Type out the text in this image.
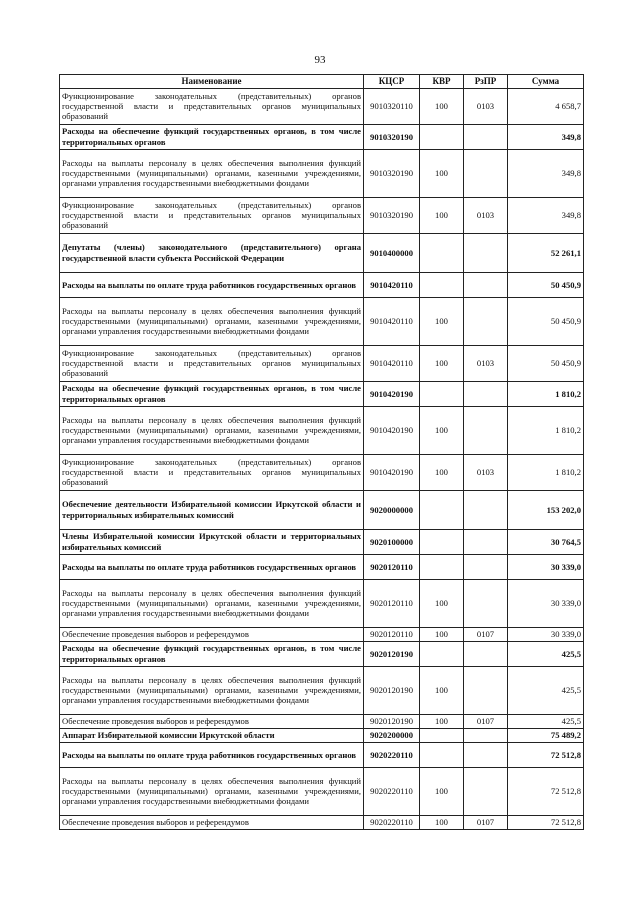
93
Наименование	КЦСР	КВР	РзПР	Сумма
Функционирование законодательных (представительных) органов государственной власти и представительных органов муниципальных образований	9010320110	100	0103	4 658,7
Расходы на обеспечение функций государственных органов, в том числе территориальных органов	9010320190			349,8
Расходы на выплаты персоналу в целях обеспечения выполнения функций государственными (муниципальными) органами, казенными учреждениями, органами управления государственными внебюджетными фондами	9010320190	100		349,8
Функционирование законодательных (представительных) органов государственной власти и представительных органов муниципальных образований	9010320190	100	0103	349,8
Депутаты (члены) законодательного (представительного) органа государственной власти субъекта Российской Федерации	9010400000			52 261,1
Расходы на выплаты по оплате труда работников государственных органов	9010420110			50 450,9
Расходы на выплаты персоналу в целях обеспечения выполнения функций государственными (муниципальными) органами, казенными учреждениями, органами управления государственными внебюджетными фондами	9010420110	100		50 450,9
Функционирование законодательных (представительных) органов государственной власти и представительных органов муниципальных образований	9010420110	100	0103	50 450,9
Расходы на обеспечение функций государственных органов, в том числе территориальных органов	9010420190			1 810,2
Расходы на выплаты персоналу в целях обеспечения выполнения функций государственными (муниципальными) органами, казенными учреждениями, органами управления государственными внебюджетными фондами	9010420190	100		1 810,2
Функционирование законодательных (представительных) органов государственной власти и представительных органов муниципальных образований	9010420190	100	0103	1 810,2
Обеспечение деятельности Избирательной комиссии Иркутской области и территориальных избирательных комиссий	9020000000			153 202,0
Члены Избирательной комиссии Иркутской области и территориальных избирательных комиссий	9020100000			30 764,5
Расходы на выплаты по оплате труда работников государственных органов	9020120110			30 339,0
Расходы на выплаты персоналу в целях обеспечения выполнения функций государственными (муниципальными) органами, казенными учреждениями, органами управления государственными внебюджетными фондами	9020120110	100		30 339,0
Обеспечение проведения выборов и референдумов	9020120110	100	0107	30 339,0
Расходы на обеспечение функций государственных органов, в том числе территориальных органов	9020120190			425,5
Расходы на выплаты персоналу в целях обеспечения выполнения функций государственными (муниципальными) органами, казенными учреждениями, органами управления государственными внебюджетными фондами	9020120190	100		425,5
Обеспечение проведения выборов и референдумов	9020120190	100	0107	425,5
Аппарат Избирательной комиссии Иркутской области	9020200000			75 489,2
Расходы на выплаты по оплате труда работников государственных органов	9020220110			72 512,8
Расходы на выплаты персоналу в целях обеспечения выполнения функций государственными (муниципальными) органами, казенными учреждениями, органами управления государственными внебюджетными фондами	9020220110	100		72 512,8
Обеспечение проведения выборов и референдумов	9020220110	100	0107	72 512,8
